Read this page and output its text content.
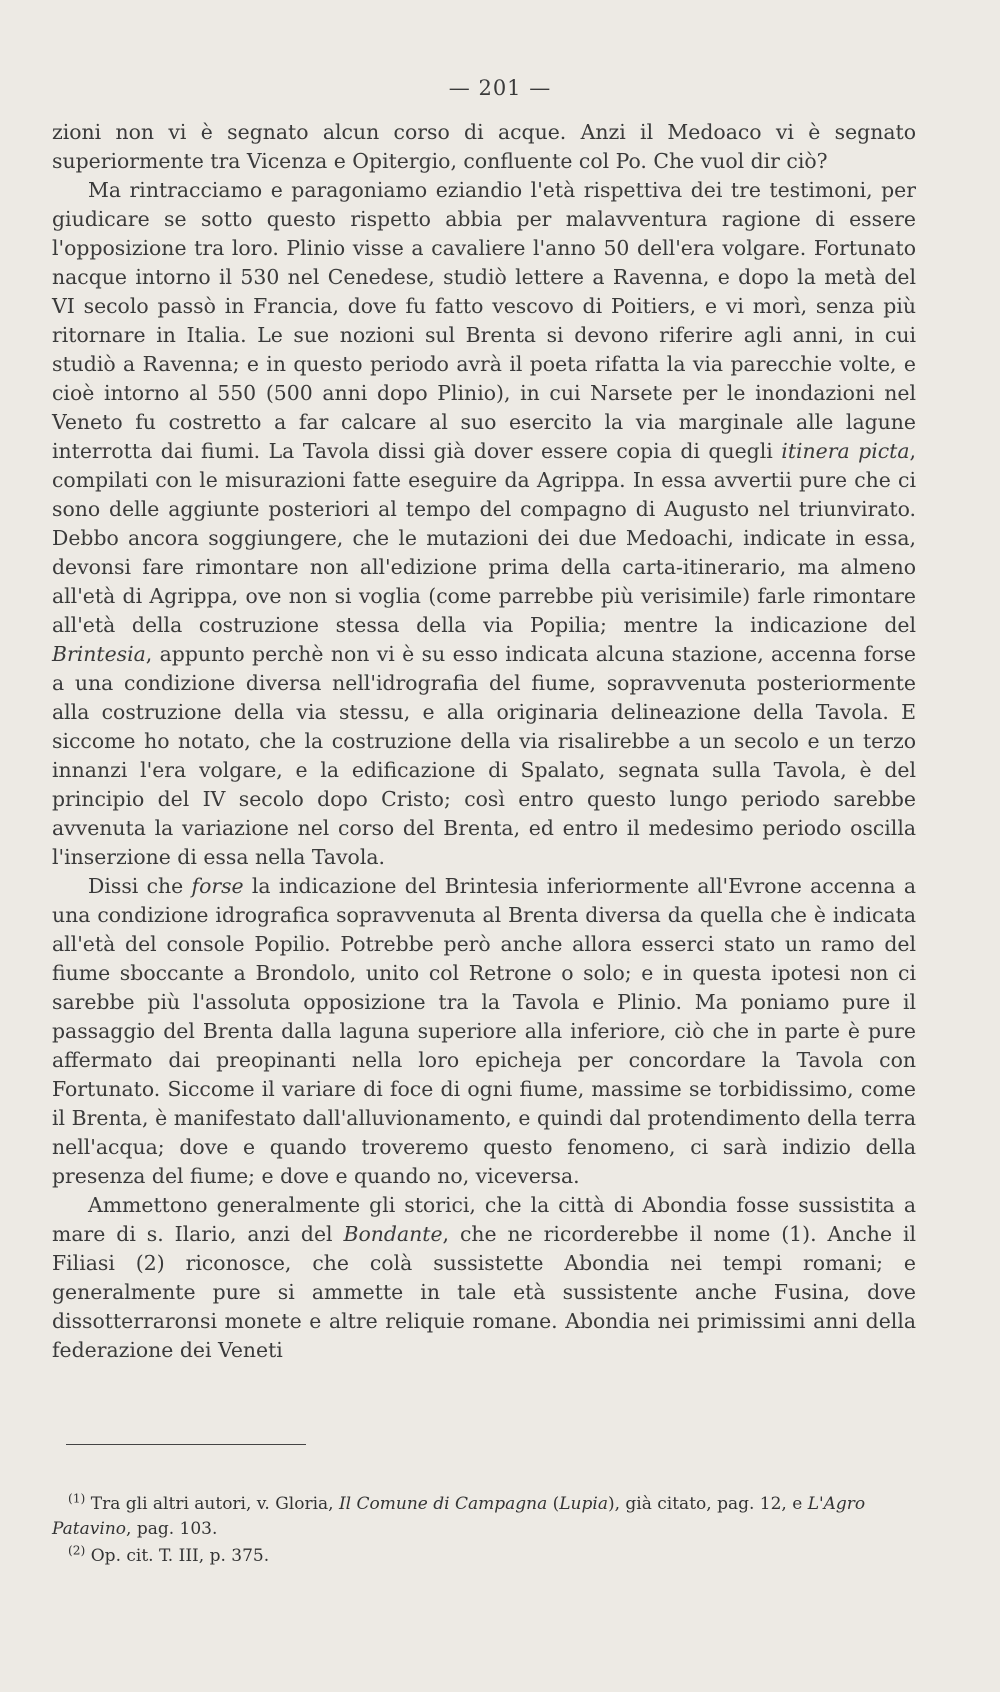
— 201 —

zioni non vi è segnato alcun corso di acque. Anzi il Medoaco vi è segnato superiormente tra Vicenza e Opitergio, confluente col Po. Che vuol dir ciò?

Ma rintracciamo e paragoniamo eziandio l'età rispettiva dei tre testimoni, per giudicare se sotto questo rispetto abbia per malavventura ragione di essere l'opposizione tra loro. Plinio visse a cavaliere l'anno 50 dell'era volgare. Fortunato nacque intorno il 530 nel Cenedese, studiò lettere a Ravenna, e dopo la metà del VI secolo passò in Francia, dove fu fatto vescovo di Poitiers, e vi morì, senza più ritornare in Italia. Le sue nozioni sul Brenta si devono riferire agli anni, in cui studiò a Ravenna; e in questo periodo avrà il poeta rifatta la via parecchie volte, e cioè intorno al 550 (500 anni dopo Plinio), in cui Narsete per le inondazioni nel Veneto fu costretto a far calcare al suo esercito la via marginale alle lagune interrotta dai fiumi. La Tavola dissi già dover essere copia di quegli itinera picta, compilati con le misurazioni fatte eseguire da Agrippa. In essa avvertii pure che ci sono delle aggiunte posteriori al tempo del compagno di Augusto nel triunvirato. Debbo ancora soggiungere, che le mutazioni dei due Medoachi, indicate in essa, devonsi fare rimontare non all'edizione prima della carta-itinerario, ma almeno all'età di Agrippa, ove non si voglia (come parrebbe più verisimile) farle rimontare all'età della costruzione stessa della via Popilia; mentre la indicazione del Brintesia, appunto perchè non vi è su esso indicata alcuna stazione, accenna forse a una condizione diversa nell'idrografia del fiume, sopravvenuta posteriormente alla costruzione della via stessu, e alla originaria delineazione della Tavola. E siccome ho notato, che la costruzione della via risalirebbe a un secolo e un terzo innanzi l'era volgare, e la edificazione di Spalato, segnata sulla Tavola, è del principio del IV secolo dopo Cristo; così entro questo lungo periodo sarebbe avvenuta la variazione nel corso del Brenta, ed entro il medesimo periodo oscilla l'inserzione di essa nella Tavola.

Dissi che forse la indicazione del Brintesia inferiormente all'Evrone accenna a una condizione idrografica sopravvenuta al Brenta diversa da quella che è indicata all'età del console Popilio. Potrebbe però anche allora esserci stato un ramo del fiume sboccante a Brondolo, unito col Retrone o solo; e in questa ipotesi non ci sarebbe più l'assoluta opposizione tra la Tavola e Plinio. Ma poniamo pure il passaggio del Brenta dalla laguna superiore alla inferiore, ciò che in parte è pure affermato dai preopinanti nella loro epicheja per concordare la Tavola con Fortunato. Siccome il variare di foce di ogni fiume, massime se torbidissimo, come il Brenta, è manifestato dall'alluvionamento, e quindi dal protendimento della terra nell'acqua; dove e quando troveremo questo fenomeno, ci sarà indizio della presenza del fiume; e dove e quando no, viceversa.

Ammettono generalmente gli storici, che la città di Abondia fosse sussistita a mare di s. Ilario, anzi del Bondante, che ne ricorderebbe il nome (1). Anche il Filiasi (2) riconosce, che colà sussistette Abondia nei tempi romani; e generalmente pure si ammette in tale età sussistente anche Fusina, dove dissotterraronsi monete e altre reliquie romane. Abondia nei primissimi anni della federazione dei Veneti

$^{(1)}$ Tra gli altri autori, v. Gloria, Il Comune di Campagna (Lupia), già citato, pag. 12, e L'Agro Patavino, pag. 103.

$^{(2)}$ Op. cit. T. III, p. 375.
